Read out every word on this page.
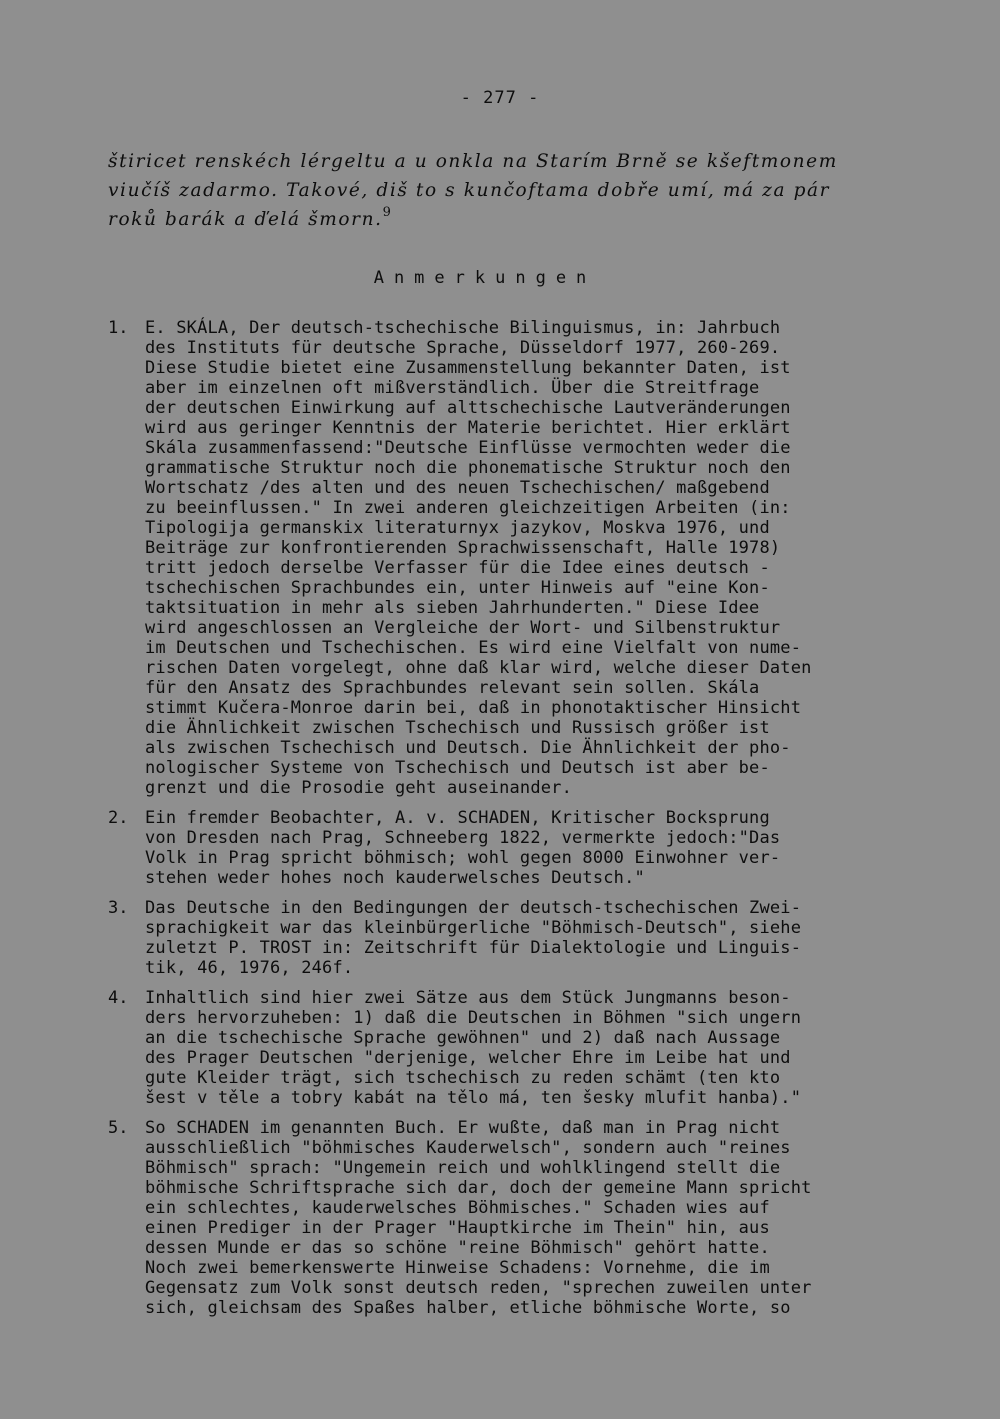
- 277 -
štiricet renskéch lérgeltu a u onkla na Starím Brně se kšeftmonem
viučíš zadarmo. Takové, diš to s kunčoftama dobře umí, má za pár
roků barák a ďelá šmorn.$^9$
Anmerkungen
1. E. SKÁLA, Der deutsch-tschechische Bilinguismus, in: Jahrbuch
des Instituts für deutsche Sprache, Düsseldorf 1977, 260-269.
Diese Studie bietet eine Zusammenstellung bekannter Daten, ist
aber im einzelnen oft mißverständlich. Über die Streitfrage
der deutschen Einwirkung auf alttschechische Lautveränderungen
wird aus geringer Kenntnis der Materie berichtet. Hier erklärt
Skála zusammenfassend:"Deutsche Einflüsse vermochten weder die
grammatische Struktur noch die phonematische Struktur noch den
Wortschatz /des alten und des neuen Tschechischen/ maßgebend
zu beeinflussen." In zwei anderen gleichzeitigen Arbeiten (in:
Tipologija germanskix literaturnyx jazykov, Moskva 1976, und
Beiträge zur konfrontierenden Sprachwissenschaft, Halle 1978)
tritt jedoch derselbe Verfasser für die Idee eines deutsch -
tschechischen Sprachbundes ein, unter Hinweis auf "eine Kon-
taktsituation in mehr als sieben Jahrhunderten." Diese Idee
wird angeschlossen an Vergleiche der Wort- und Silbenstruktur
im Deutschen und Tschechischen. Es wird eine Vielfalt von nume-
rischen Daten vorgelegt, ohne daß klar wird, welche dieser Daten
für den Ansatz des Sprachbundes relevant sein sollen. Skála
stimmt Kučera-Monroe darin bei, daß in phonotaktischer Hinsicht
die Ähnlichkeit zwischen Tschechisch und Russisch größer ist
als zwischen Tschechisch und Deutsch. Die Ähnlichkeit der pho-
nologischer Systeme von Tschechisch und Deutsch ist aber be-
grenzt und die Prosodie geht auseinander.
2. Ein fremder Beobachter, A. v. SCHADEN, Kritischer Bocksprung
von Dresden nach Prag, Schneeberg 1822, vermerkte jedoch:"Das
Volk in Prag spricht böhmisch; wohl gegen 8000 Einwohner ver-
stehen weder hohes noch kauderwelsches Deutsch."
3. Das Deutsche in den Bedingungen der deutsch-tschechischen Zwei-
sprachigkeit war das kleinbürgerliche "Böhmisch-Deutsch", siehe
zuletzt P. TROST in: Zeitschrift für Dialektologie und Linguis-
tik, 46, 1976, 246f.
4. Inhaltlich sind hier zwei Sätze aus dem Stück Jungmanns beson-
ders hervorzuheben: 1) daß die Deutschen in Böhmen "sich ungern
an die tschechische Sprache gewöhnen" und 2) daß nach Aussage
des Prager Deutschen "derjenige, welcher Ehre im Leibe hat und
gute Kleider trägt, sich tschechisch zu reden schämt (ten kto
šest v těle a tobry kabát na tělo má, ten šesky mlufit hanba)."
5. So SCHADEN im genannten Buch. Er wußte, daß man in Prag nicht
ausschließlich "böhmisches Kauderwelsch", sondern auch "reines
Böhmisch" sprach: "Ungemein reich und wohlklingend stellt die
böhmische Schriftsprache sich dar, doch der gemeine Mann spricht
ein schlechtes, kauderwelsches Böhmisches." Schaden wies auf
einen Prediger in der Prager "Hauptkirche im Thein" hin, aus
dessen Munde er das so schöne "reine Böhmisch" gehört hatte.
Noch zwei bemerkenswerte Hinweise Schadens: Vornehme, die im
Gegensatz zum Volk sonst deutsch reden, "sprechen zuweilen unter
sich, gleichsam des Spaßes halber, etliche böhmische Worte, so
